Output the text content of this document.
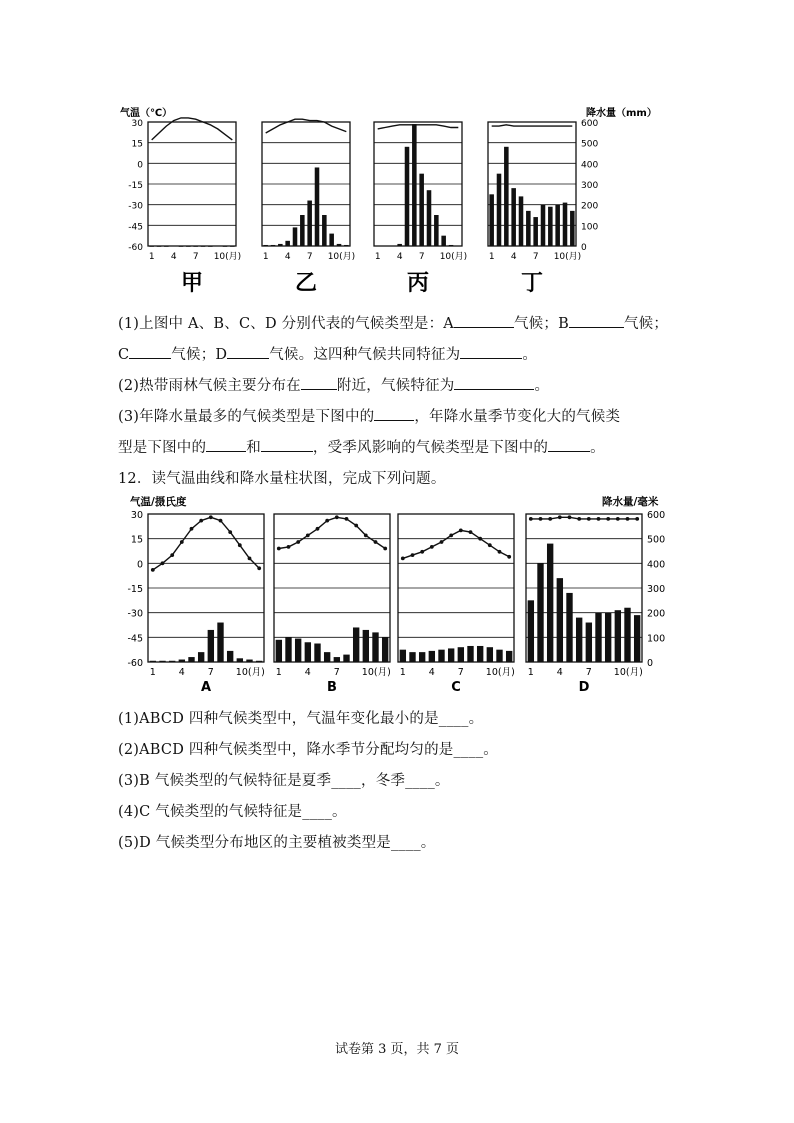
气温（℃）	降水量（mm）
1 4 7 10(月) 1 4 7 10(月) 1 4 7 10(月) 1 4 7 10(月)
30
15
0
-15
-30
-45
-60
600
500
400
300
200
100
0
甲	乙	丙	丁
(1)上图中 A、B、C、D 分别代表的气候类型是：A	气候；B	气候；
C	气候；D	气候。这四种气候共同特征为	。
(2)热带雨林气候主要分布在 附近，气候特征为	。
(3)年降水量最多的气候类型是下图中的	，年降水量季节变化大的气候类
型是下图中的	和	，受季风影响的气候类型是下图中的	。
12．读气温曲线和降水量柱状图，完成下列问题。
气温/摄氏度	降水量/毫米
1 4 7 10(月) 1 4 7 10(月) 1 4 7 10(月) 1 4 7 10(月)
30
15
0
-15
-30
-45
-60
600
500
400
300
200
100
0
A	B	C	D
(1)ABCD 四种气候类型中，气温年变化最小的是____。
(2)ABCD 四种气候类型中，降水季节分配均匀的是____。
(3)B 气候类型的气候特征是夏季____，冬季____。
(4)C 气候类型的气候特征是____。
(5)D 气候类型分布地区的主要植被类型是____。
试卷第 3 页，共 7 页
